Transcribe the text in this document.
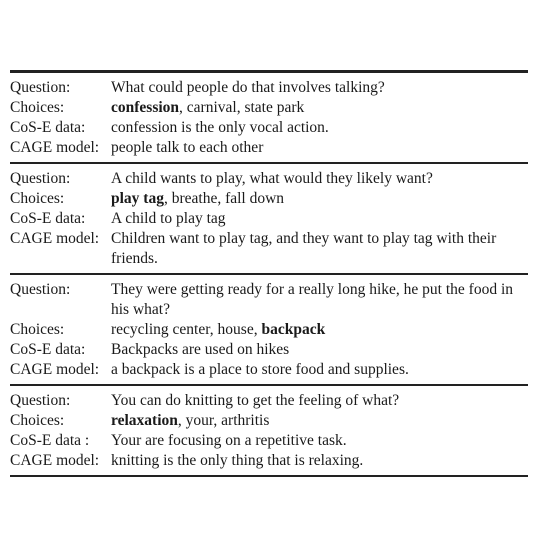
Question:	What could people do that involves talking?
Choices:	confession, carnival, state park
CoS-E data:	confession is the only vocal action.
CAGE model: people talk to each other
Question:	A child wants to play, what would they likely want?
Choices:	play tag, breathe, fall down
CoS-E data:	A child to play tag
CAGE model: Children want to play tag, and they want to play tag with their friends.
Question:	They were getting ready for a really long hike, he put the food in his what?
Choices:	recycling center, house, backpack
CoS-E data:	Backpacks are used on hikes
CAGE model: a backpack is a place to store food and supplies.
Question:	You can do knitting to get the feeling of what?
Choices:	relaxation, your, arthritis
CoS-E data :	Your are focusing on a repetitive task.
CAGE model: knitting is the only thing that is relaxing.
